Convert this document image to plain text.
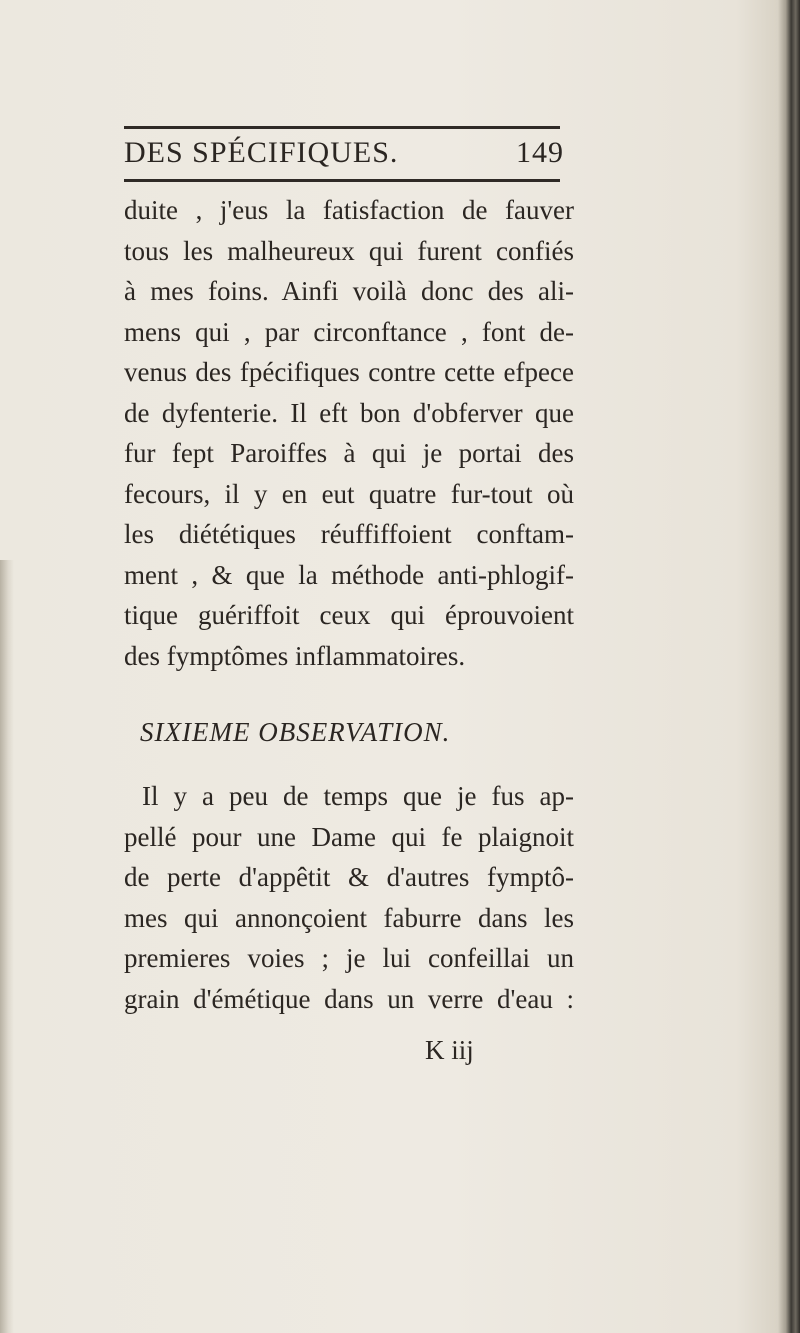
DES SPÉCIFIQUES.	149
duite , j'eus la fatisfaction de fauver
tous les malheureux qui furent confiés
à mes foins. Ainfi voilà donc des ali-
mens qui , par circonftance , font de-
venus des fpécifiques contre cette efpece
de dyfenterie. Il eft bon d'obferver que
fur fept Paroiffes à qui je portai des
fecours, il y en eut quatre fur-tout où
les diététiques réuffiffoient conftam-
ment , & que la méthode anti-phlogif-
tique guériffoit ceux qui éprouvoient
des fymptômes inflammatoires.
SIXIEME OBSERVATION.
Il y a peu de temps que je fus ap-
pellé pour une Dame qui fe plaignoit
de perte d'appêtit & d'autres fymptô-
mes qui annonçoient faburre dans les
premieres voies ; je lui confeillai un
grain d'émétique dans un verre d'eau :
K iij
